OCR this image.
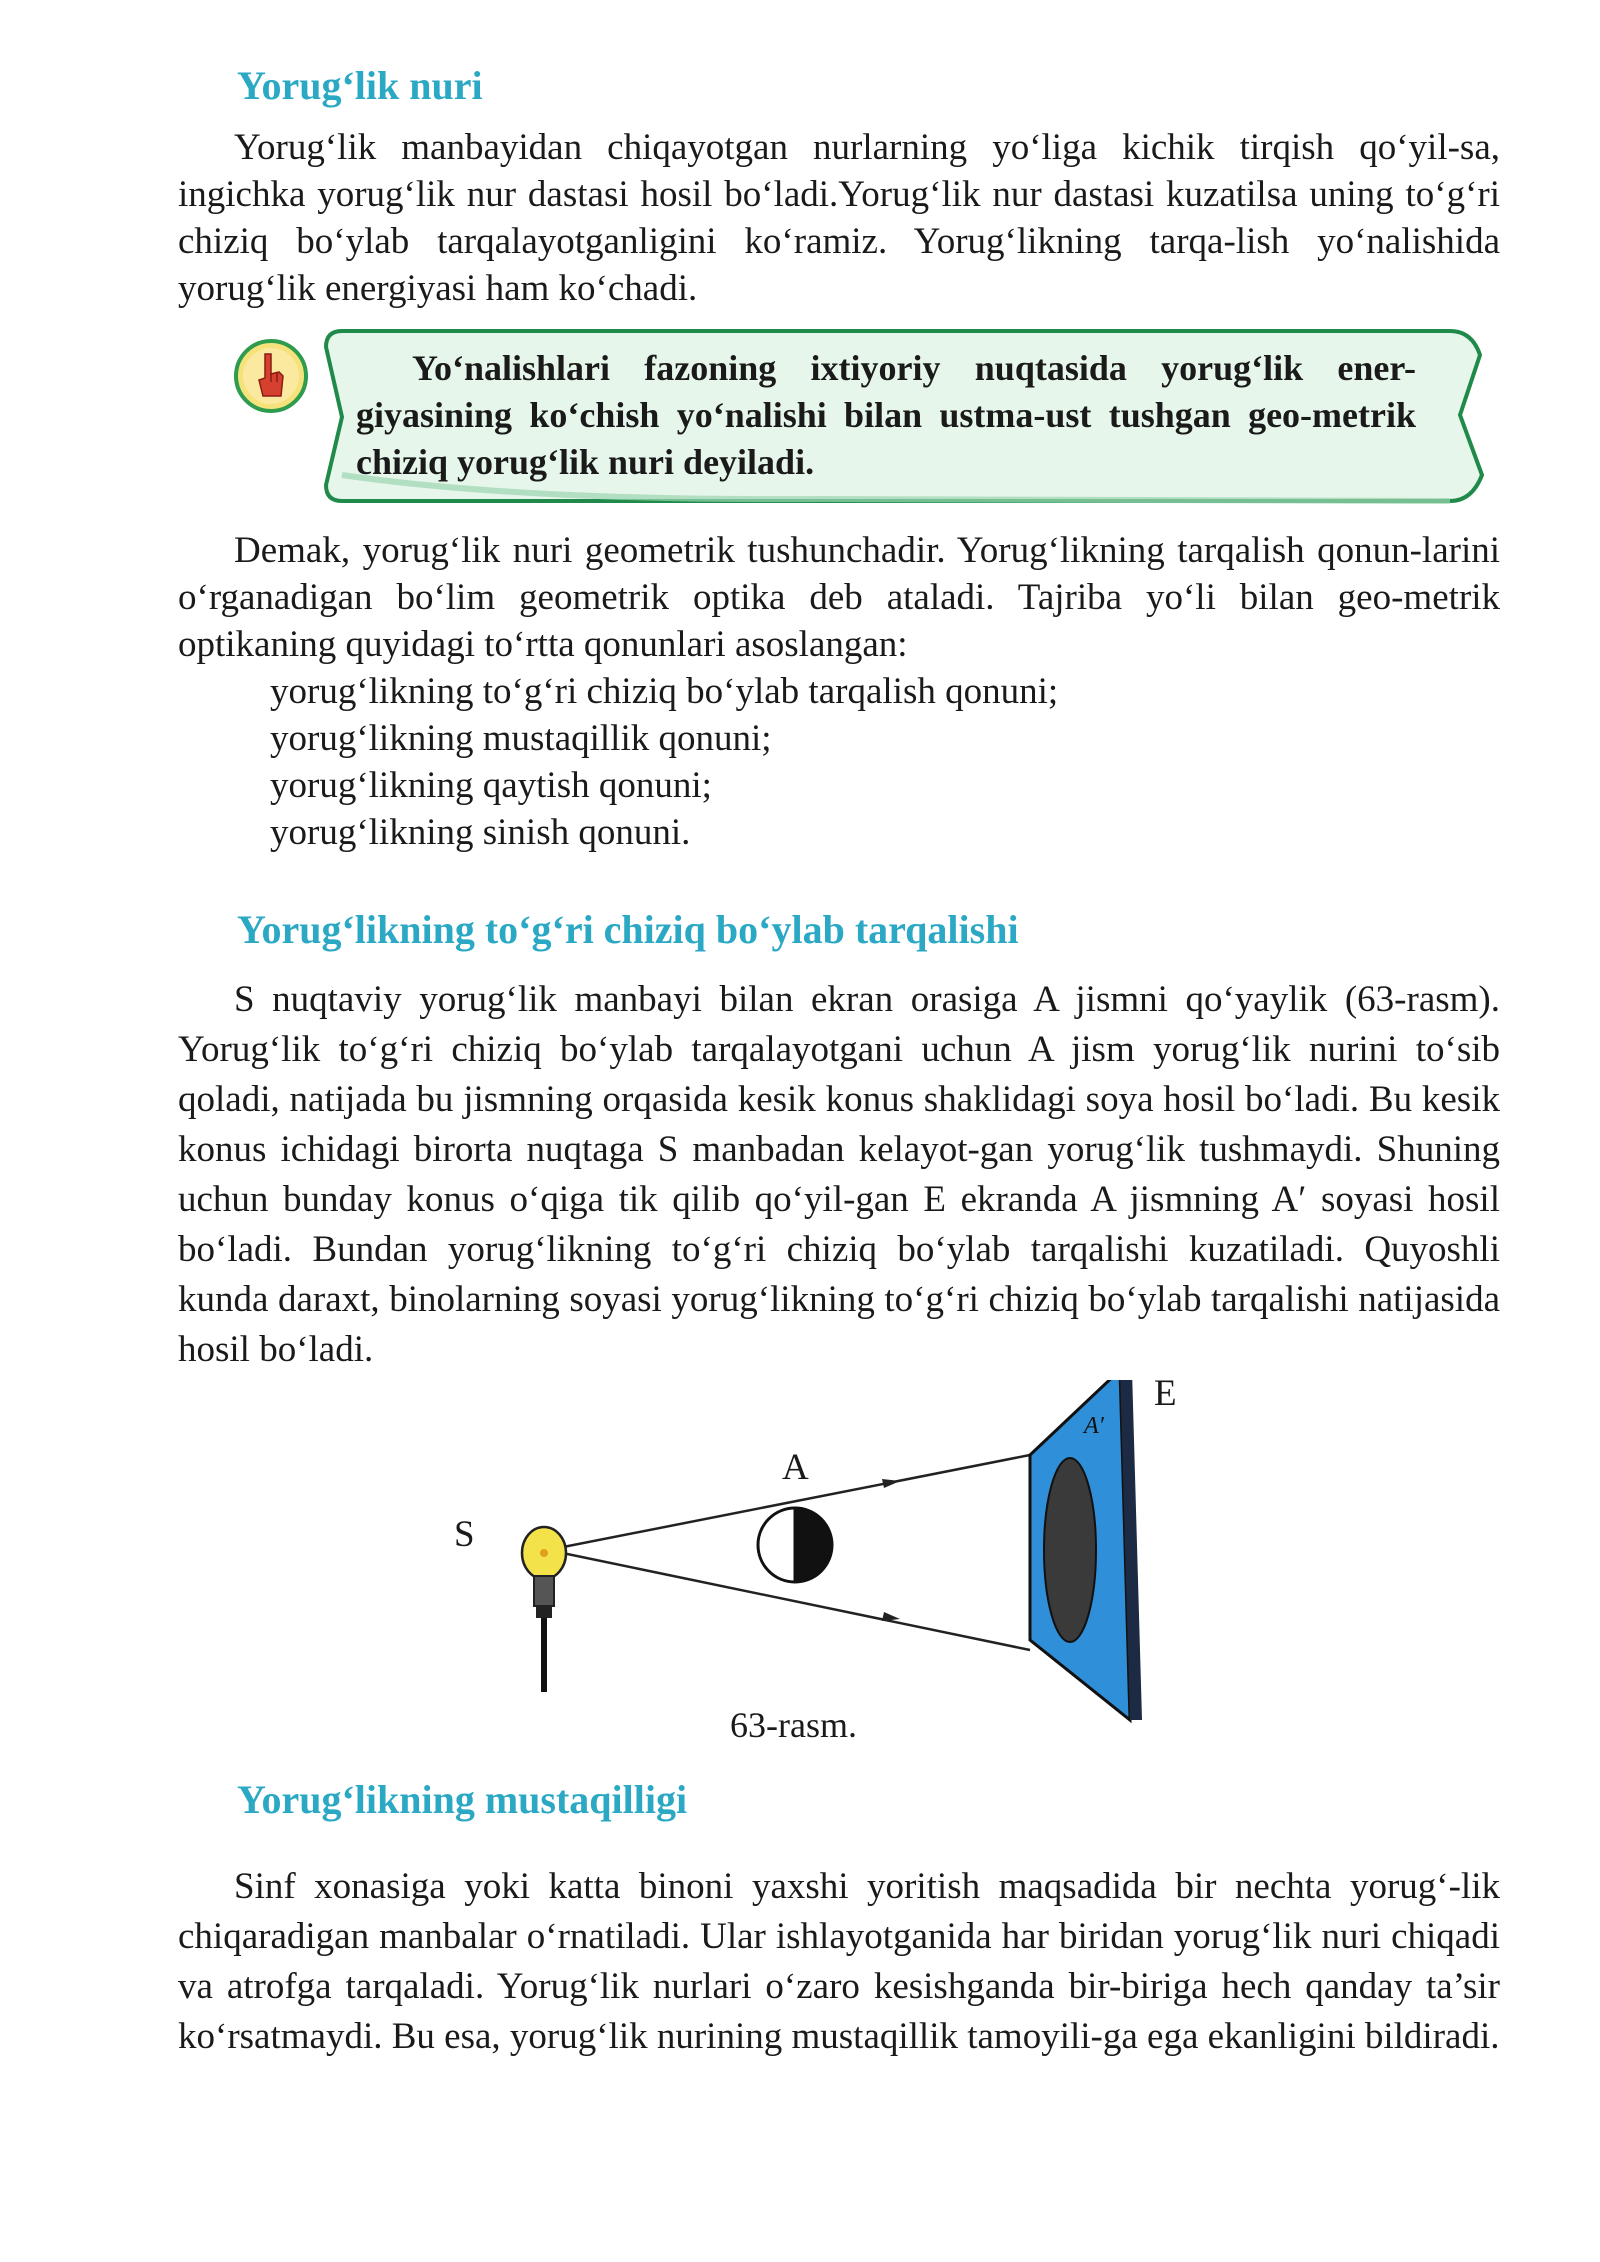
Yorug‘lik nuri

Yorug‘lik manbayidan chiqayotgan nurlarning yo‘liga kichik tirqish qo‘yil-sa, ingichka yorug‘lik nur dastasi hosil bo‘ladi.Yorug‘lik nur dastasi kuzatilsa uning to‘g‘ri chiziq bo‘ylab tarqalayotganligini ko‘ramiz. Yorug‘likning tarqa-lish yo‘nalishida yorug‘lik energiyasi ham ko‘chadi.

Yo‘nalishlari fazoning ixtiyoriy nuqtasida yorug‘lik ener-giyasining ko‘chish yo‘nalishi bilan ustma-ust tushgan geo-metrik chiziq yorug‘lik nuri deyiladi.

Demak, yorug‘lik nuri geometrik tushunchadir. Yorug‘likning tarqalish qonun-larini o‘rganadigan bo‘lim geometrik optika deb ataladi. Tajriba yo‘li bilan geo-metrik optikaning quyidagi to‘rtta qonunlari asoslangan:

yorug‘likning to‘g‘ri chiziq bo‘ylab tarqalish qonuni;
yorug‘likning mustaqillik qonuni;
yorug‘likning qaytish qonuni;
yorug‘likning sinish qonuni.
Yorug‘likning to‘g‘ri chiziq bo‘ylab tarqalishi

S nuqtaviy yorug‘lik manbayi bilan ekran orasiga A jismni qo‘yaylik (63-rasm). Yorug‘lik to‘g‘ri chiziq bo‘ylab tarqalayotgani uchun A jism yorug‘lik nurini to‘sib qoladi, natijada bu jismning orqasida kesik konus shaklidagi soya hosil bo‘ladi. Bu kesik konus ichidagi birorta nuqtaga S manbadan kelayot-gan yorug‘lik tushmaydi. Shuning uchun bunday konus o‘qiga tik qilib qo‘yil-gan E ekranda A jismning A′ soyasi hosil bo‘ladi. Bundan yorug‘likning to‘g‘ri chiziq bo‘ylab tarqalishi kuzatiladi. Quyoshli kunda daraxt, binolarning soyasi yorug‘likning to‘g‘ri chiziq bo‘ylab tarqalishi natijasida hosil bo‘ladi.

S
A
E
A′
63-rasm.
Yorug‘likning mustaqilligi

Sinf xonasiga yoki katta binoni yaxshi yoritish maqsadida bir nechta yorug‘-lik chiqaradigan manbalar o‘rnatiladi. Ular ishlayotganida har biridan yorug‘lik nuri chiqadi va atrofga tarqaladi. Yorug‘lik nurlari o‘zaro kesishganda bir-biriga hech qanday ta’sir ko‘rsatmaydi. Bu esa, yorug‘lik nurining mustaqillik tamoyili-ga ega ekanligini bildiradi.
